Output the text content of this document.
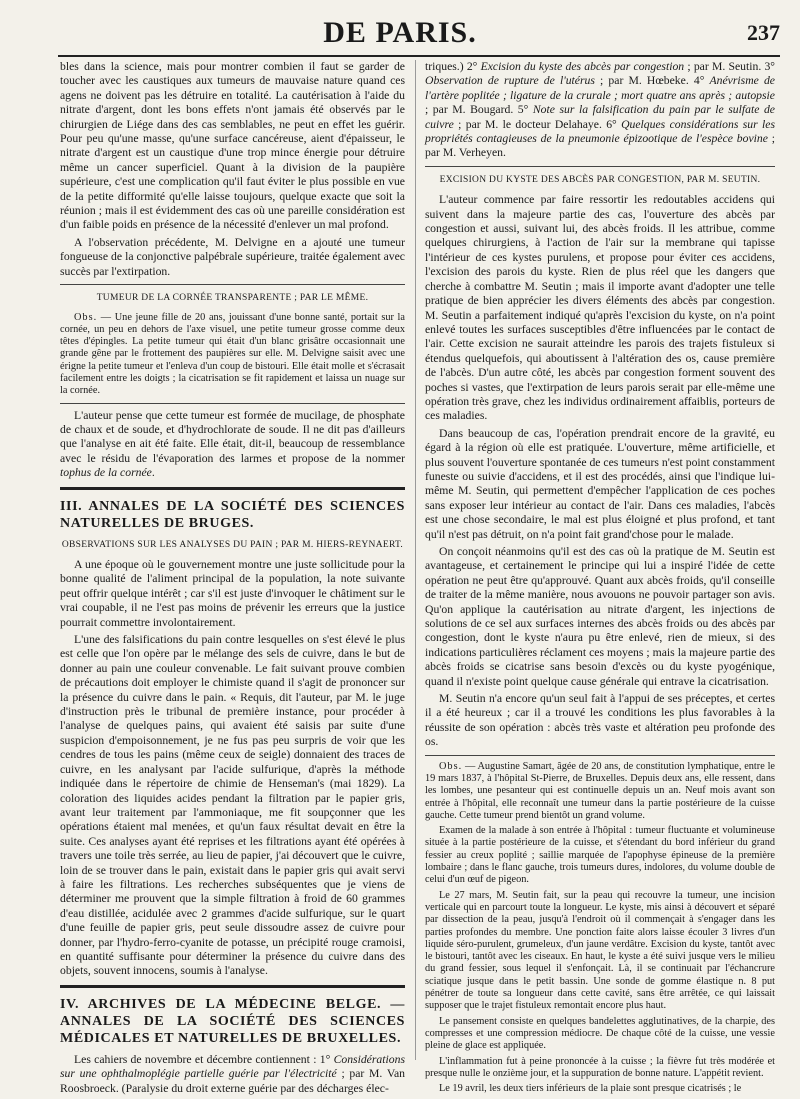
DE PARIS.	237

bles dans la science, mais pour montrer combien il faut se garder de toucher avec les caustiques aux tumeurs de mauvaise nature quand ces agens ne doivent pas les détruire en totalité. La cautérisation à l'aide du nitrate d'argent, dont les bons effets n'ont jamais été observés par le chirurgien de Liége dans des cas semblables, ne peut en effet les guérir. Pour peu qu'une masse, qu'une surface cancéreuse, aient d'épaisseur, le nitrate d'argent est un caustique d'une trop mince énergie pour détruire même un cancer superficiel. Quant à la division de la paupière supérieure, c'est une complication qu'il faut éviter le plus possible en vue de la petite difformité qu'elle laisse toujours, quelque exacte que soit la réunion ; mais il est évidemment des cas où une pareille considération est d'un faible poids en présence de la nécessité d'enlever un mal profond.

A l'observation précédente, M. Delvigne en a ajouté une tumeur fongueuse de la conjonctive palpébrale supérieure, traitée également avec succès par l'extirpation.

TUMEUR DE LA CORNÉE TRANSPARENTE ; PAR LE MÊME.

Obs. — Une jeune fille de 20 ans, jouissant d'une bonne santé, portait sur la cornée, un peu en dehors de l'axe visuel, une petite tumeur grosse comme deux têtes d'épingles. La petite tumeur qui était d'un blanc grisâtre occasionnait une grande gêne par le frottement des paupières sur elle. M. Delvigne saisit avec une érigne la petite tumeur et l'enleva d'un coup de bistouri. Elle était molle et s'écrasait facilement entre les doigts ; la cicatrisation se fit rapidement et laissa un nuage sur la cornée.

L'auteur pense que cette tumeur est formée de mucilage, de phosphate de chaux et de soude, et d'hydrochlorate de soude. Il ne dit pas d'ailleurs que l'analyse en ait été faite. Elle était, dit-il, beaucoup de ressemblance avec le résidu de l'évaporation des larmes et propose de la nommer tophus de la cornée.

III. ANNALES DE LA SOCIÉTÉ DES SCIENCES NATURELLES DE BRUGES.

OBSERVATIONS SUR LES ANALYSES DU PAIN ; PAR M. HIERS-REYNAERT.

A une époque où le gouvernement montre une juste sollicitude pour la bonne qualité de l'aliment principal de la population, la note suivante peut offrir quelque intérêt ; car s'il est juste d'invoquer le châtiment sur le vrai coupable, il ne l'est pas moins de prévenir les erreurs que la justice pourrait commettre involontairement.

L'une des falsifications du pain contre lesquelles on s'est élevé le plus est celle que l'on opère par le mélange des sels de cuivre, dans le but de donner au pain une couleur convenable. Le fait suivant prouve combien de précautions doit employer le chimiste quand il s'agit de prononcer sur la présence du cuivre dans le pain. « Requis, dit l'auteur, par M. le juge d'instruction près le tribunal de première instance, pour procéder à l'analyse de quelques pains, qui avaient été saisis par suite d'une suspicion d'empoisonnement, je ne fus pas peu surpris de voir que les cendres de tous les pains (même ceux de seigle) donnaient des traces de cuivre, en les analysant par l'acide sulfurique, d'après la méthode indiquée dans le répertoire de chimie de Henseman's (mai 1829). La coloration des liquides acides pendant la filtration par le papier gris, avant leur traitement par l'ammoniaque, me fit soupçonner que les opérations étaient mal menées, et qu'un faux résultat devait en être la suite. Ces analyses ayant été reprises et les filtrations ayant été opérées à travers une toile très serrée, au lieu de papier, j'ai découvert que le cuivre, loin de se trouver dans le pain, existait dans le papier gris qui avait servi à faire les filtrations. Les recherches subséquentes que je viens de déterminer me prouvent que la simple filtration à froid de 60 grammes d'eau distillée, acidulée avec 2 grammes d'acide sulfurique, sur le quart d'une feuille de papier gris, peut seule dissoudre assez de cuivre pour donner, par l'hydro-ferro-cyanite de potasse, un précipité rouge cramoisi, en quantité suffisante pour déterminer la présence du cuivre dans des objets, souvent innocens, soumis à l'analyse.

IV. ARCHIVES DE LA MÉDECINE BELGE. — ANNALES DE LA SOCIÉTÉ DES SCIENCES MÉDICALES ET NATURELLES DE BRUXELLES.

Les cahiers de novembre et décembre contiennent : 1° Considérations sur une ophthalmoplégie partielle guérie par l'électricité ; par M. Van Roosbroeck. (Paralysie du droit externe guérie par des décharges élec-

triques.) 2° Excision du kyste des abcès par congestion ; par M. Seutin. 3° Observation de rupture de l'utérus ; par M. Hœbeke. 4° Anévrisme de l'artère poplitée ; ligature de la crurale ; mort quatre ans après ; autopsie ; par M. Bougard. 5° Note sur la falsification du pain par le sulfate de cuivre ; par M. le docteur Delahaye. 6° Quelques considérations sur les propriétés contagieuses de la pneumonie épizootique de l'espèce bovine ; par M. Verheyen.

EXCISION DU KYSTE DES ABCÈS PAR CONGESTION, PAR M. SEUTIN.

L'auteur commence par faire ressortir les redoutables accidens qui suivent dans la majeure partie des cas, l'ouverture des abcès par congestion et aussi, suivant lui, des abcès froids. Il les attribue, comme quelques chirurgiens, à l'action de l'air sur la membrane qui tapisse l'intérieur de ces kystes purulens, et propose pour éviter ces accidens, l'excision des parois du kyste. Rien de plus réel que les dangers que cherche à combattre M. Seutin ; mais il importe avant d'adopter une telle pratique de bien apprécier les divers éléments des abcès par congestion. M. Seutin a parfaitement indiqué qu'après l'excision du kyste, on n'a point enlevé toutes les surfaces susceptibles d'être influencées par le contact de l'air. Cette excision ne saurait atteindre les parois des trajets fistuleux si étendus quelquefois, qui aboutissent à l'altération des os, cause première de l'abcès. D'un autre côté, les abcès par congestion forment souvent des poches si vastes, que l'extirpation de leurs parois serait par elle-même une opération très grave, chez les individus ordinairement affaiblis, porteurs de ces maladies.

Dans beaucoup de cas, l'opération prendrait encore de la gravité, eu égard à la région où elle est pratiquée. L'ouverture, même artificielle, et plus souvent l'ouverture spontanée de ces tumeurs n'est point constamment funeste ou suivie d'accidens, et il est des procédés, ainsi que l'indique lui-même M. Seutin, qui permettent d'empêcher l'application de ces poches sans exposer leur intérieur au contact de l'air. Dans ces maladies, l'abcès est une chose secondaire, le mal est plus éloigné et plus profond, et tant qu'il n'est pas détruit, on n'a point fait grand'chose pour le malade.

On conçoit néanmoins qu'il est des cas où la pratique de M. Seutin est avantageuse, et certainement le principe qui lui a inspiré l'idée de cette opération ne peut être qu'approuvé. Quant aux abcès froids, qu'il conseille de traiter de la même manière, nous avouons ne pouvoir partager son avis. Qu'on applique la cautérisation au nitrate d'argent, les injections de solutions de ce sel aux surfaces internes des abcès froids ou des abcès par congestion, dont le kyste n'aura pu être enlevé, rien de mieux, si des indications particulières réclament ces moyens ; mais la majeure partie des abcès froids se cicatrise sans besoin d'excès ou du kyste pyogénique, quand il n'existe point quelque cause générale qui entrave la cicatrisation.

M. Seutin n'a encore qu'un seul fait à l'appui de ses préceptes, et certes il a été heureux ; car il a trouvé les conditions les plus favorables à la réussite de son opération : abcès très vaste et altération peu profonde des os.

Obs. — Augustine Samart, âgée de 20 ans, de constitution lymphatique, entre le 19 mars 1837, à l'hôpital St-Pierre, de Bruxelles. Depuis deux ans, elle ressent, dans les lombes, une pesanteur qui est continuelle depuis un an. Neuf mois avant son entrée à l'hôpital, elle reconnaît une tumeur dans la partie postérieure de la cuisse gauche. Cette tumeur prend bientôt un grand volume.

Examen de la malade à son entrée à l'hôpital : tumeur fluctuante et volumineuse située à la partie postérieure de la cuisse, et s'étendant du bord inférieur du grand fessier au creux poplité ; saillie marquée de l'apophyse épineuse de la première lombaire ; dans le flanc gauche, trois tumeurs dures, indolores, du volume double de celui d'un œuf de pigeon.

Le 27 mars, M. Seutin fait, sur la peau qui recouvre la tumeur, une incision verticale qui en parcourt toute la longueur. Le kyste, mis ainsi à découvert et séparé par dissection de la peau, jusqu'à l'endroit où il commençait à s'engager dans les parties profondes du membre. Une ponction faite alors laisse écouler 3 livres d'un liquide séro-purulent, grumeleux, d'un jaune verdâtre. Excision du kyste, tantôt avec le bistouri, tantôt avec les ciseaux. En haut, le kyste a été suivi jusque vers le milieu du grand fessier, sous lequel il s'enfonçait. Là, il se continuait par l'échancrure sciatique jusque dans le petit bassin. Une sonde de gomme élastique n. 8 put pénétrer de toute sa longueur dans cette cavité, sans être arrêtée, ce qui laissait supposer que le trajet fistuleux remontait encore plus haut.

Le pansement consiste en quelques bandelettes agglutinatives, de la charpie, des compresses et une compression médiocre. De chaque côté de la cuisse, une vessie pleine de glace est appliquée.

L'inflammation fut à peine prononcée à la cuisse ; la fièvre fut très modérée et presque nulle le onzième jour, et la suppuration de bonne nature. L'appétit revient.

Le 19 avril, les deux tiers inférieurs de la plaie sont presque cicatrisés ; le
